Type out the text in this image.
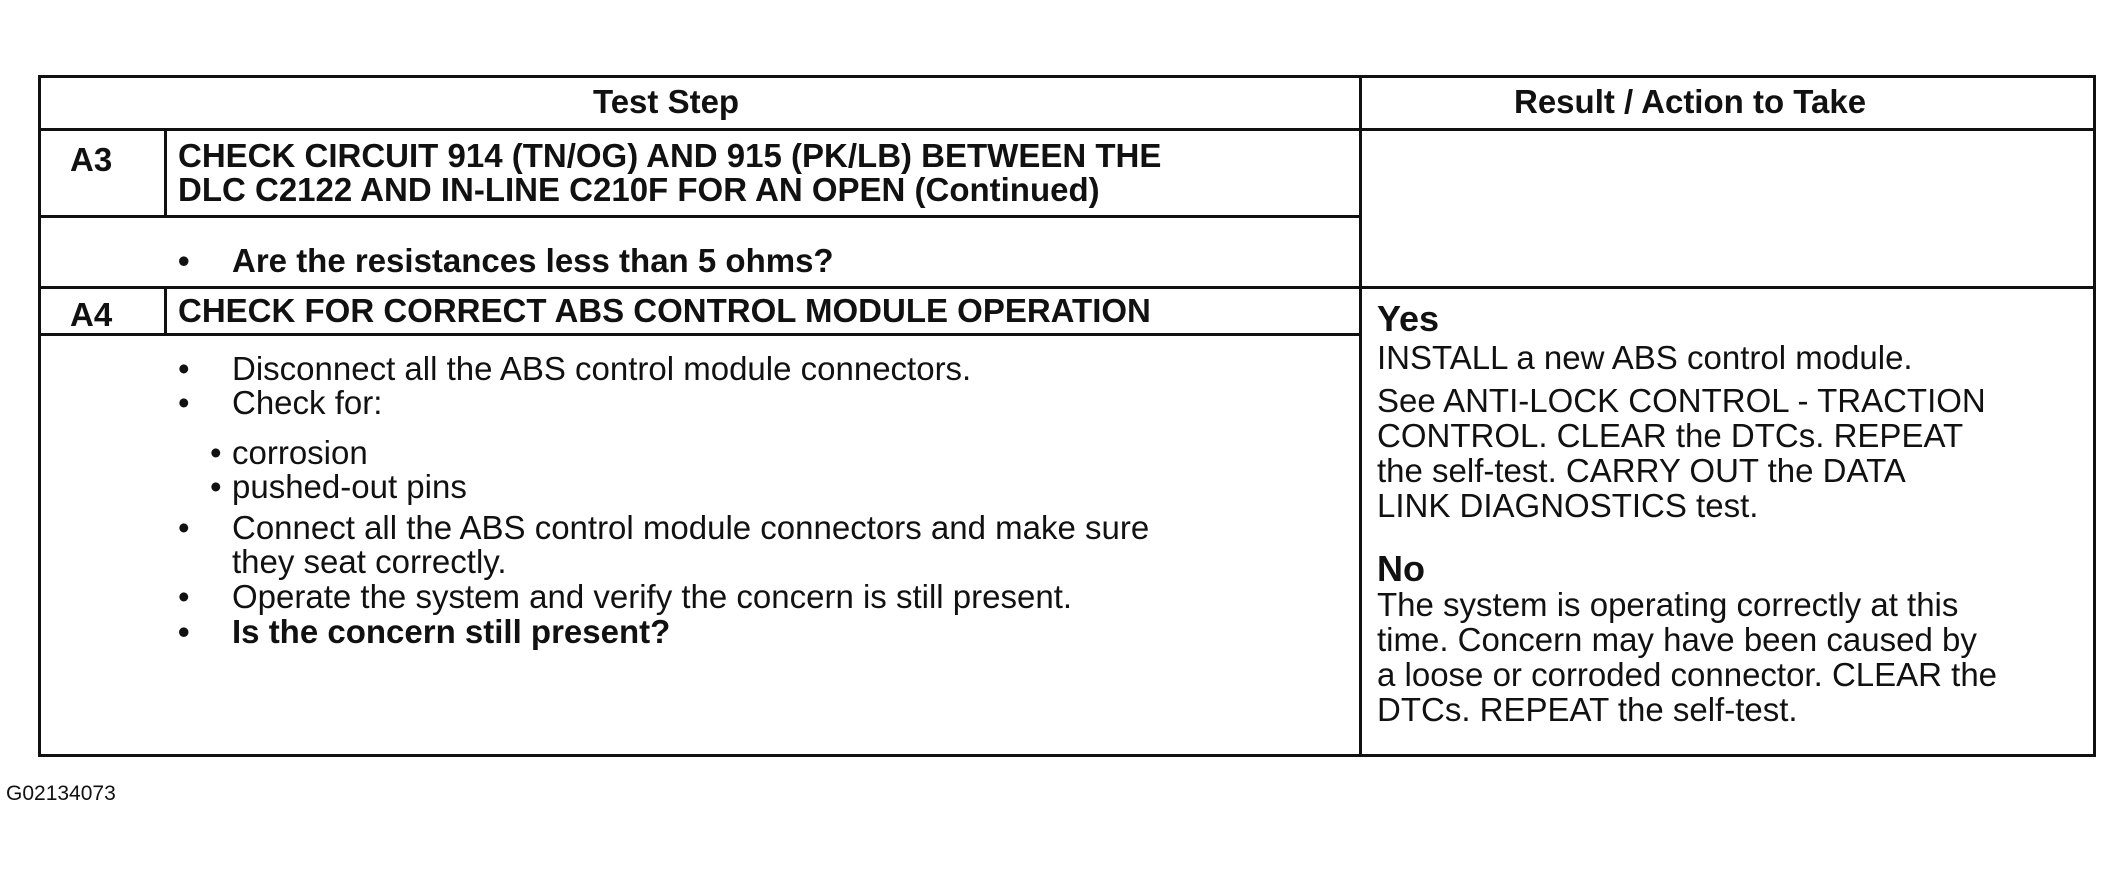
Test Step	Result / Action to Take
A3 CHECK CIRCUIT 914 (TN/OG) AND 915 (PK/LB) BETWEEN THE
DLC C2122 AND IN-LINE C210F FOR AN OPEN (Continued)
• Are the resistances less than 5 ohms?
A4 CHECK FOR CORRECT ABS CONTROL MODULE OPERATION
• Disconnect all the ABS control module connectors.
• Check for:
• corrosion
• pushed-out pins
• Connect all the ABS control module connectors and make sure
they seat correctly.
• Operate the system and verify the concern is still present.
• Is the concern still present?
Yes
INSTALL a new ABS control module.
See ANTI-LOCK CONTROL - TRACTION
CONTROL. CLEAR the DTCs. REPEAT
the self-test. CARRY OUT the DATA
LINK DIAGNOSTICS test.
No
The system is operating correctly at this
time. Concern may have been caused by
a loose or corroded connector. CLEAR the
DTCs. REPEAT the self-test.
G02134073
